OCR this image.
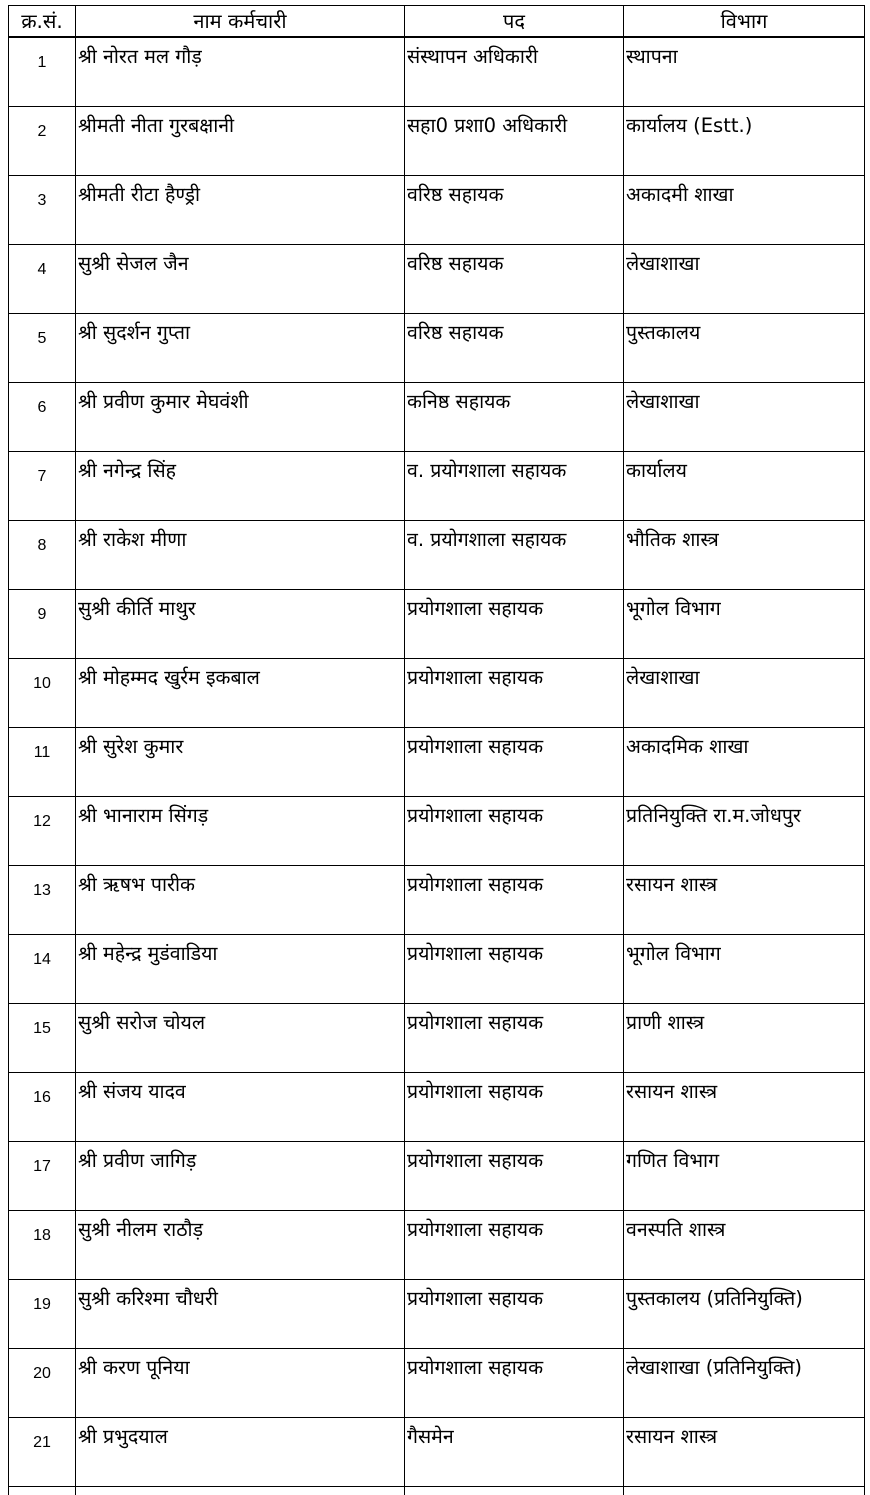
क्र.सं.	नाम कर्मचारी	पद	विभाग
1	श्री नोरत मल गौड़	संस्थापन अधिकारी	स्थापना
2	श्रीमती नीता गुरबक्षानी	सहा0 प्रशा0 अधिकारी	कार्यालय (Estt.)
3	श्रीमती रीटा हैण्ड्री	वरिष्ठ सहायक	अकादमी शाखा
4	सुश्री सेजल जैन	वरिष्ठ सहायक	लेखाशाखा
5	श्री सुदर्शन गुप्ता	वरिष्ठ सहायक	पुस्तकालय
6	श्री प्रवीण कुमार मेघवंशी	कनिष्ठ सहायक	लेखाशाखा
7	श्री नगेन्द्र सिंह	व. प्रयोगशाला सहायक	कार्यालय
8	श्री राकेश मीणा	व. प्रयोगशाला सहायक	भौतिक शास्त्र
9	सुश्री कीर्ति माथुर	प्रयोगशाला सहायक	भूगोल विभाग
10	श्री मोहम्मद खुर्रम इकबाल	प्रयोगशाला सहायक	लेखाशाखा
11	श्री सुरेश कुमार	प्रयोगशाला सहायक	अकादमिक शाखा
12	श्री भानाराम सिंगड़	प्रयोगशाला सहायक	प्रतिनियुक्ति रा.म.जोधपुर
13	श्री ऋषभ पारीक	प्रयोगशाला सहायक	रसायन शास्त्र
14	श्री महेन्द्र मुडंवाडिया	प्रयोगशाला सहायक	भूगोल विभाग
15	सुश्री सरोज चोयल	प्रयोगशाला सहायक	प्राणी शास्त्र
16	श्री संजय यादव	प्रयोगशाला सहायक	रसायन शास्त्र
17	श्री प्रवीण जागिड़	प्रयोगशाला सहायक	गणित विभाग
18	सुश्री नीलम राठौड़	प्रयोगशाला सहायक	वनस्पति शास्त्र
19	सुश्री करिश्मा चौधरी	प्रयोगशाला सहायक	पुस्तकालय (प्रतिनियुक्ति)
20	श्री करण पूनिया	प्रयोगशाला सहायक	लेखाशाखा (प्रतिनियुक्ति)
21	श्री प्रभुदयाल	गैसमेन	रसायन शास्त्र
